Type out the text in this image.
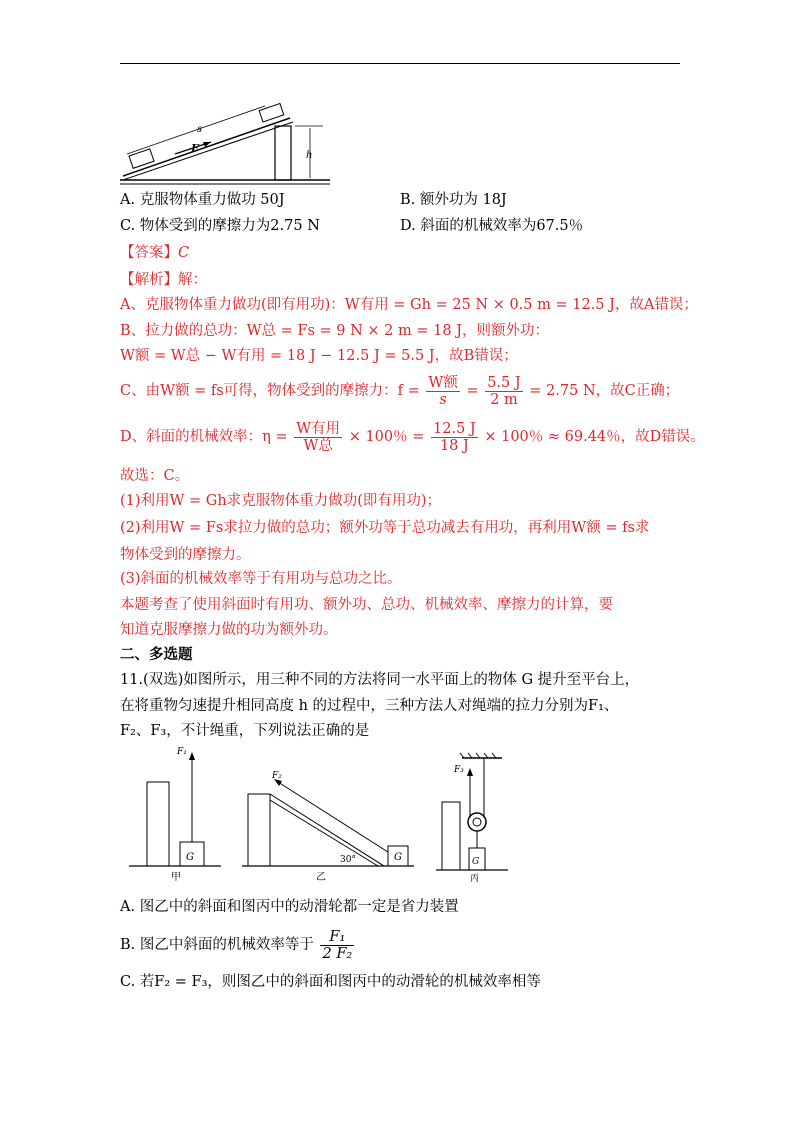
s
F
h
A. 克服物体重力做功 50J	B. 额外功为 18J
C. 物体受到的摩擦力为2.75 N	D. 斜面的机械效率为67.5％
【答案】C
【解析】解：
A、克服物体重力做功(即有用功)：W有用 = Gh = 25 N × 0.5 m = 12.5 J，故A错误；
B、拉力做的总功：W总 = Fs = 9 N × 2 m = 18 J，则额外功：
W额 = W总 − W有用 = 18 J − 12.5 J = 5.5 J，故B错误；
C、由W额 = fs可得，物体受到的摩擦力：$f = \frac{\text{W额}}{s} = \frac{5.5 J}{2 m} = 2.75$ N，故C正确；
D、斜面的机械效率：$\eta = \frac{\text{W有用}}{\text{W总}} \times 100$％ = $\frac{12.5 J}{18 J} \times 100$％ ≈ 69.44％，故D错误。
故选：C。
(1)利用W = Gh求克服物体重力做功(即有用功)；
(2)利用W = Fs求拉力做的总功；额外功等于总功减去有用功，再利用W额 = fs求
物体受到的摩擦力。
(3)斜面的机械效率等于有用功与总功之比。
本题考查了使用斜面时有用功、额外功、总功、机械效率、摩擦力的计算，要
知道克服摩擦力做的功为额外功。
二、多选题
11.(双选)如图所示，用三种不同的方法将同一水平面上的物体 G 提升至平台上，
在将重物匀速提升相同高度 h 的过程中，三种方法人对绳端的拉力分别为F₁、
F₂、F₃，不计绳重，下列说法正确的是
F₁
G
甲
F₂
G
30°
乙
F₃
G
丙
A. 图乙中的斜面和图丙中的动滑轮都一定是省力装置
B. 图乙中斜面的机械效率等于 $\frac{\text{F₁}}{\text{2 F₂}}$
C. 若F₂ = F₃，则图乙中的斜面和图丙中的动滑轮的机械效率相等
